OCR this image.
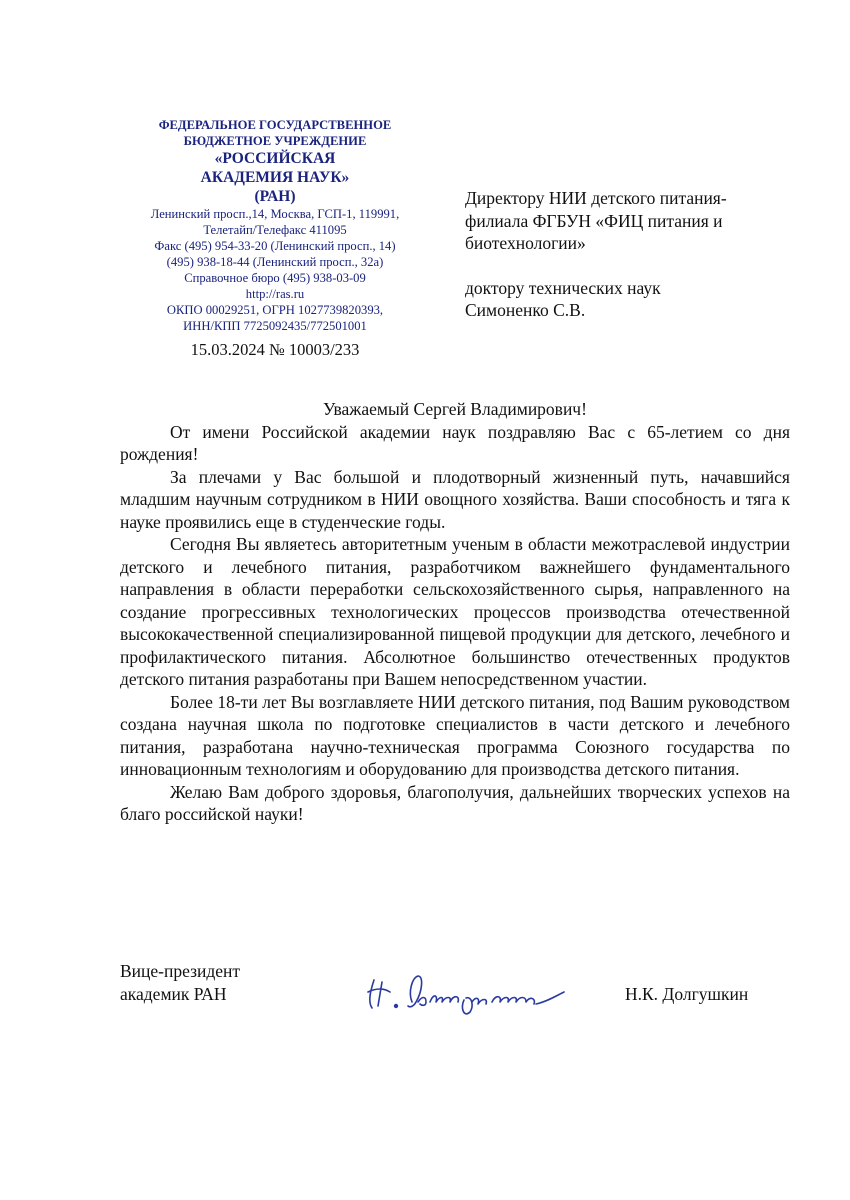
ФЕДЕРАЛЬНОЕ ГОСУДАРСТВЕННОЕ
БЮДЖЕТНОЕ УЧРЕЖДЕНИЕ
«РОССИЙСКАЯ
АКАДЕМИЯ НАУК»
(РАН)
Ленинский просп.,14, Москва, ГСП-1, 119991,
Телетайп/Телефакс 411095
Факс (495) 954-33-20 (Ленинский просп., 14)
(495) 938-18-44 (Ленинский просп., 32а)
Справочное бюро (495) 938-03-09
http://ras.ru
ОКПО 00029251, ОГРН 1027739820393,
ИНН/КПП 7725092435/772501001
15.03.2024 № 10003/233
Директору НИИ детского питания-
филиала ФГБУН «ФИЦ питания и
биотехнологии»
доктору технических наук
Симоненко С.В.
Уважаемый Сергей Владимирович!

От имени Российской академии наук поздравляю Вас с 65-летием со дня рождения!

За плечами у Вас большой и плодотворный жизненный путь, начавшийся младшим научным сотрудником в НИИ овощного хозяйства. Ваши способность и тяга к науке проявились еще в студенческие годы.

Сегодня Вы являетесь авторитетным ученым в области межотраслевой индустрии детского и лечебного питания, разработчиком важнейшего фундаментального направления в области переработки сельскохозяйственного сырья, направленного на создание прогрессивных технологических процессов производства отечественной высококачественной специализированной пищевой продукции для детского, лечебного и профилактического питания. Абсолютное большинство отечественных продуктов детского питания разработаны при Вашем непосредственном участии.

Более 18-ти лет Вы возглавляете НИИ детского питания, под Вашим руководством создана научная школа по подготовке специалистов в части детского и лечебного питания, разработана научно-техническая программа Союзного государства по инновационным технологиям и оборудованию для производства детского питания.

Желаю Вам доброго здоровья, благополучия, дальнейших творческих успехов на благо российской науки!

Вице-президент
академик РАН	Н.К. Долгушкин
